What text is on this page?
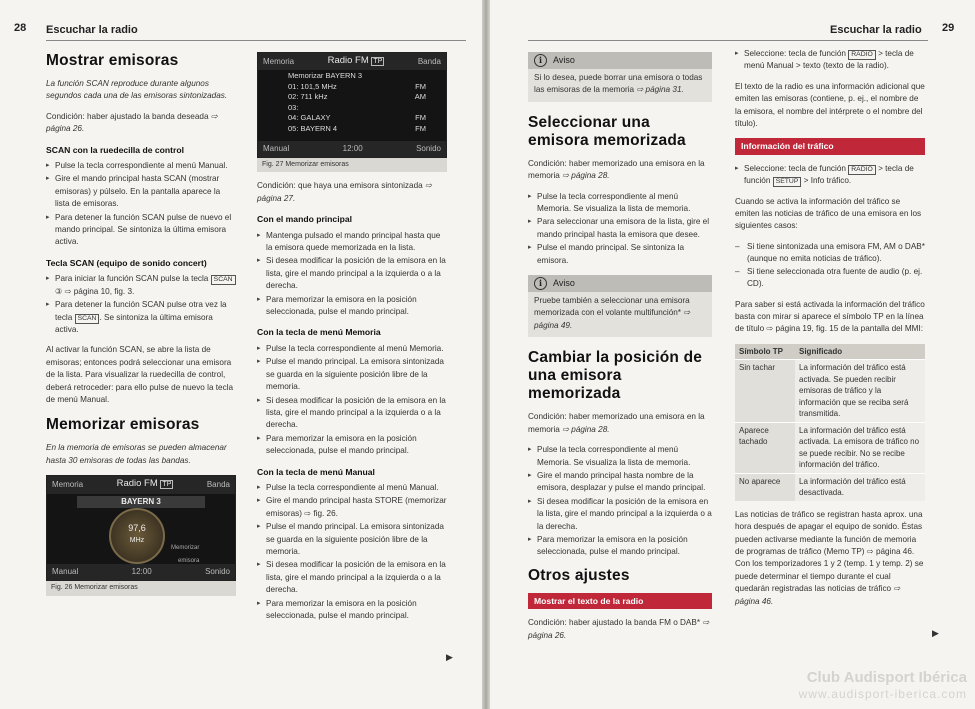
28 Escuchar la radio
Mostrar emisoras

La función SCAN reproduce durante algunos segundos cada una de las emisoras sintonizadas.

Condición: haber ajustado la banda deseada ⇨ página 26.

SCAN con la ruedecilla de control
▸ Pulse la tecla correspondiente al menú Manual.
▸ Gire el mando principal hasta SCAN (mostrar emisoras) y púlselo. En la pantalla aparece la lista de emisoras.
▸ Para detener la función SCAN pulse de nuevo el mando principal. Se sintoniza la última emisora activa.
Tecla SCAN (equipo de sonido concert)
▸ Para iniciar la función SCAN pulse la tecla SCAN ③ ⇨ página 10, fig. 3.
▸ Para detener la función SCAN pulse otra vez la tecla SCAN . Se sintoniza la última emisora activa.

Al activar la función SCAN, se abre la lista de emisoras; entonces podrá seleccionar una emisora de la lista. Para visualizar la ruedecilla de control, deberá retroceder: para ello pulse de nuevo la tecla de menú Manual.

Memorizar emisoras

En la memoria de emisoras se pueden almacenar hasta 30 emisoras de todas las bandas.

Memoria	Radio FM TP	Banda
BAYERN 3
97,6
MHz
Memorizar
emisora
Manual	12:00	Sonido
Fig. 26 Memorizar emisoras
Memoria	Radio FM TP	Banda
Memorizar BAYERN 3
01: 101,5 MHz	FM
02: 711 kHz	AM
03:
04: GALAXY	FM
05: BAYERN 4	FM
Manual	12:00	Sonido
Fig. 27 Memorizar emisoras

Condición: que haya una emisora sintonizada ⇨ página 27.

Con el mando principal
▸ Mantenga pulsado el mando principal hasta que la emisora quede memorizada en la lista.
▸ Si desea modificar la posición de la emisora en la lista, gire el mando principal a la izquierda o a la derecha.
▸ Para memorizar la emisora en la posición seleccionada, pulse el mando principal.
Con la tecla de menú Memoria
▸ Pulse la tecla correspondiente al menú Memoria.
▸ Pulse el mando principal. La emisora sintonizada se guarda en la siguiente posición libre de la memoria.
▸ Si desea modificar la posición de la emisora en la lista, gire el mando principal a la izquierda o a la derecha.
▸ Para memorizar la emisora en la posición seleccionada, pulse el mando principal.
Con la tecla de menú Manual
▸ Pulse la tecla correspondiente al menú Manual.
▸ Gire el mando principal hasta STORE (memorizar emisoras) ⇨ fig. 26.
▸ Pulse el mando principal. La emisora sintonizada se guarda en la siguiente posición libre de la memoria.
▸ Si desea modificar la posición de la emisora en la lista, gire el mando principal a la izquierda o a la derecha.
▸ Para memorizar la emisora en la posición seleccionada, pulse el mando principal.
▶
Escuchar la radio 29
i	Aviso
Si lo desea, puede borrar una emisora o todas las emisoras de la memoria ⇨ página 31.
Seleccionar una emisora memorizada

Condición: haber memorizado una emisora en la memoria ⇨ página 28.

▸ Pulse la tecla correspondiente al menú Memoria. Se visualiza la lista de memoria.
▸ Para seleccionar una emisora de la lista, gire el mando principal hasta la emisora que desee.
▸ Pulse el mando principal. Se sintoniza la emisora.
i	Aviso
Pruebe también a seleccionar una emisora memorizada con el volante multifunción* ⇨ página 49.
Cambiar la posición de una emisora memorizada

Condición: haber memorizado una emisora en la memoria ⇨ página 28.

▸ Pulse la tecla correspondiente al menú Memoria. Se visualiza la lista de memoria.
▸ Gire el mando principal hasta nombre de la emisora, desplazar y pulse el mando principal.
▸ Si desea modificar la posición de la emisora en la lista, gire el mando principal a la izquierda o a la derecha.
▸ Para memorizar la emisora en la posición seleccionada, pulse el mando principal.
Otros ajustes
Mostrar el texto de la radio

Condición: haber ajustado la banda FM o DAB* ⇨ página 26.

▸ Seleccione: tecla de función RADIO > tecla de menú Manual > texto (texto de la radio).

El texto de la radio es una información adicional que emiten las emisoras (contiene, p. ej., el nombre de la emisora, el nombre del intérprete o el nombre del título).

Información del tráfico
▸ Seleccione: tecla de función RADIO > tecla de función SETUP > Info tráfico.

Cuando se activa la información del tráfico se emiten las noticias de tráfico de una emisora en los siguientes casos:

– Si tiene sintonizada una emisora FM, AM o DAB* (aunque no emita noticias de tráfico).
– Si tiene seleccionada otra fuente de audio (p. ej. CD).

Para saber si está activada la información del tráfico basta con mirar si aparece el símbolo TP en la línea de título ⇨ página 19, fig. 15 de la pantalla del MMI:

Símbolo TP	Significado
Sin tachar	La información del tráfico está activada. Se pueden recibir emisoras de tráfico y la información que se reciba será transmitida.
Aparece tachado	La información del tráfico está activada. La emisora de tráfico no se puede recibir. No se recibe información del tráfico.
No aparece	La información del tráfico está desactivada.

Las noticias de tráfico se registran hasta aprox. una hora después de apagar el equipo de sonido. Éstas pueden activarse mediante la función de memoria de programas de tráfico (Memo TP) ⇨ página 46. Con los temporizadores 1 y 2 (temp. 1 y temp. 2) se puede determinar el tiempo durante el cual quedarán registradas las noticias de tráfico ⇨ página 46.

▶
Club Audisport Ibérica
www.audisport-iberica.com
